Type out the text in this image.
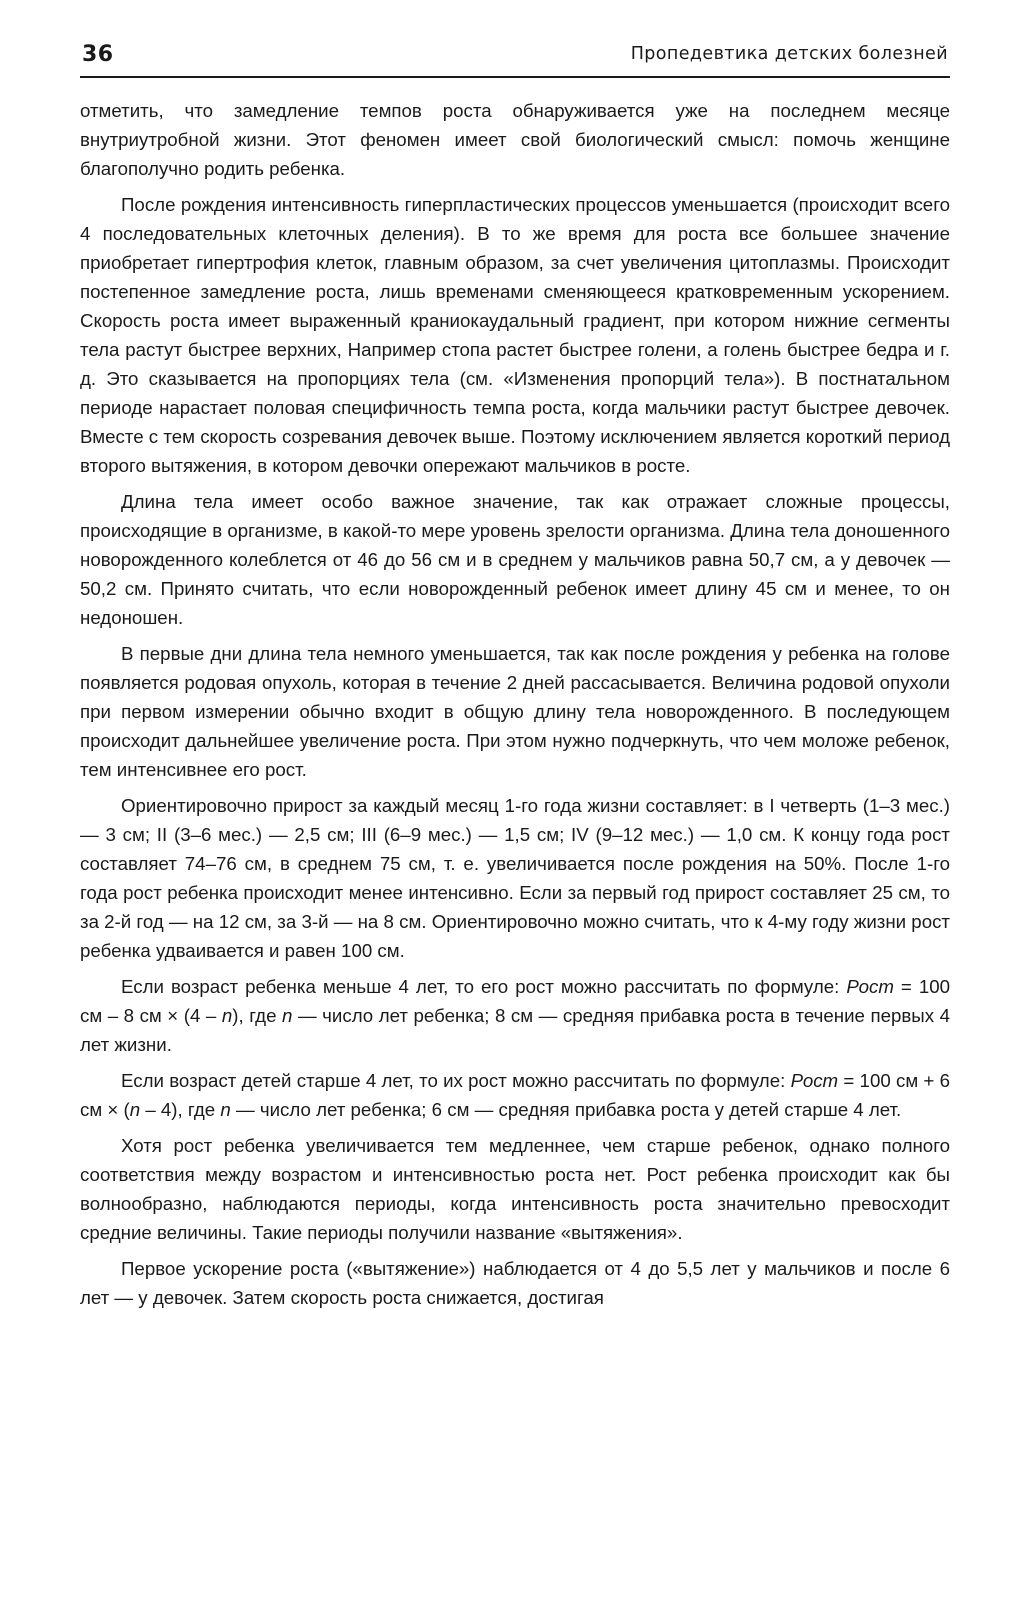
36	Пропедевтика детских болезней

отметить, что замедление темпов роста обнаруживается уже на последнем месяце внутриутробной жизни. Этот феномен имеет свой биологический смысл: помочь женщине благополучно родить ребенка.

После рождения интенсивность гиперпластических процессов уменьшается (происходит всего 4 последовательных клеточных деления). В то же время для роста все большее значение приобретает гипертрофия клеток, главным образом, за счет увеличения цитоплазмы. Происходит постепенное замедление роста, лишь временами сменяющееся кратковременным ускорением. Скорость роста имеет выраженный краниокаудальный градиент, при котором нижние сегменты тела растут быстрее верхних, Например стопа растет быстрее голени, а голень быстрее бедра и г. д. Это сказывается на пропорциях тела (см. «Изменения пропорций тела»). В постнатальном периоде нарастает половая специфичность темпа роста, когда мальчики растут быстрее девочек. Вместе с тем скорость созревания девочек выше. Поэтому исключением является короткий период второго вытяжения, в котором девочки опережают мальчиков в росте.

Длина тела имеет особо важное значение, так как отражает сложные процессы, происходящие в организме, в какой-то мере уровень зрелости организма. Длина тела доношенного новорожденного колеблется от 46 до 56 см и в среднем у мальчиков равна 50,7 см, а у девочек — 50,2 см. Принято считать, что если новорожденный ребенок имеет длину 45 см и менее, то он недоношен.

В первые дни длина тела немного уменьшается, так как после рождения у ребенка на голове появляется родовая опухоль, которая в течение 2 дней рассасывается. Величина родовой опухоли при первом измерении обычно входит в общую длину тела новорожденного. В последующем происходит дальнейшее увеличение роста. При этом нужно подчеркнуть, что чем моложе ребенок, тем интенсивнее его рост.

Ориентировочно прирост за каждый месяц 1-го года жизни составляет: в I четверть (1–3 мес.) — 3 см; II (3–6 мес.) — 2,5 см; III (6–9 мес.) — 1,5 см; IV (9–12 мес.) — 1,0 см. К концу года рост составляет 74–76 см, в среднем 75 см, т. е. увеличивается после рождения на 50%. После 1-го года рост ребенка происходит менее интенсивно. Если за первый год прирост составляет 25 см, то за 2-й год — на 12 см, за 3-й — на 8 см. Ориентировочно можно считать, что к 4-му году жизни рост ребенка удваивается и равен 100 см.

Если возраст ребенка меньше 4 лет, то его рост можно рассчитать по формуле: Рост = 100 см – 8 см × (4 – n), где n — число лет ребенка; 8 см — средняя прибавка роста в течение первых 4 лет жизни.

Если возраст детей старше 4 лет, то их рост можно рассчитать по формуле: Рост = 100 см + 6 см × (n – 4), где n — число лет ребенка; 6 см — средняя прибавка роста у детей старше 4 лет.

Хотя рост ребенка увеличивается тем медленнее, чем старше ребенок, однако полного соответствия между возрастом и интенсивностью роста нет. Рост ребенка происходит как бы волнообразно, наблюдаются периоды, когда интенсивность роста значительно превосходит средние величины. Такие периоды получили название «вытяжения».

Первое ускорение роста («вытяжение») наблюдается от 4 до 5,5 лет у мальчиков и после 6 лет — у девочек. Затем скорость роста снижается, достигая
